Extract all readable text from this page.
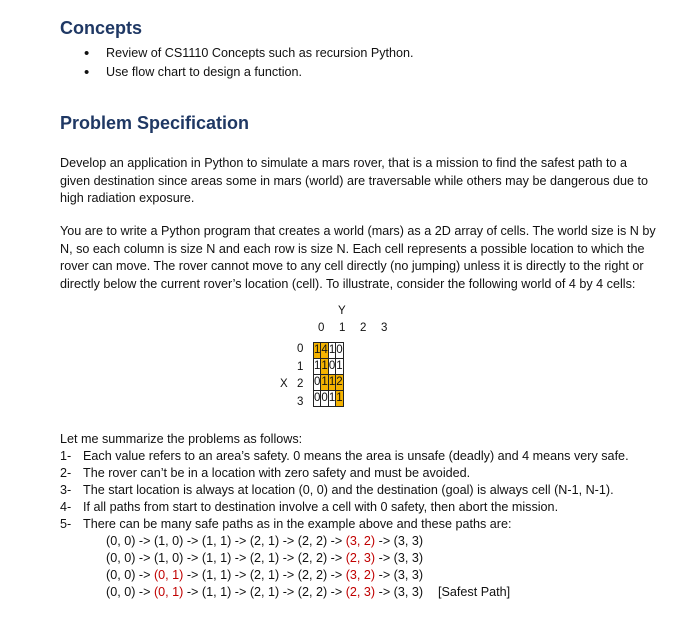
Concepts
• Review of CS1110 Concepts such as recursion Python.
• Use flow chart to design a function.
Problem Specification

Develop an application in Python to simulate a mars rover, that is a mission to find the safest path to a given destination since areas some in mars (world) are traversable while others may be dangerous due to high radiation exposure.

You are to write a Python program that creates a world (mars) as a 2D array of cells. The world size is N by N, so each column is size N and each row is size N. Each cell represents a possible location to which the rover can move. The rover cannot move to any cell directly (no jumping) unless it is directly to the right or directly below the current rover’s location (cell). To illustrate, consider the following world of 4 by 4 cells:

Y
0 1 2 3
0
1
X 2
3
1	4	1	0
1	1	0	1
0	1	1	2
0	0	1	1
Let me summarize the problems as follows:
1- Each value refers to an area’s safety. 0 means the area is unsafe (deadly) and 4 means very safe.
2- The rover can’t be in a location with zero safety and must be avoided.
3- The start location is always at location (0, 0) and the destination (goal) is always cell (N-1, N-1).
4- If all paths from start to destination involve a cell with 0 safety, then abort the mission.
5- There can be many safe paths as in the example above and these paths are:
(0, 0) -> (1, 0) -> (1, 1) -> (2, 1) -> (2, 2) -> (3, 2) -> (3, 3)
(0, 0) -> (1, 0) -> (1, 1) -> (2, 1) -> (2, 2) -> (2, 3) -> (3, 3)
(0, 0) -> (0, 1) -> (1, 1) -> (2, 1) -> (2, 2) -> (3, 2) -> (3, 3)
(0, 0) -> (0, 1) -> (1, 1) -> (2, 1) -> (2, 2) -> (2, 3) -> (3, 3) [Safest Path]
